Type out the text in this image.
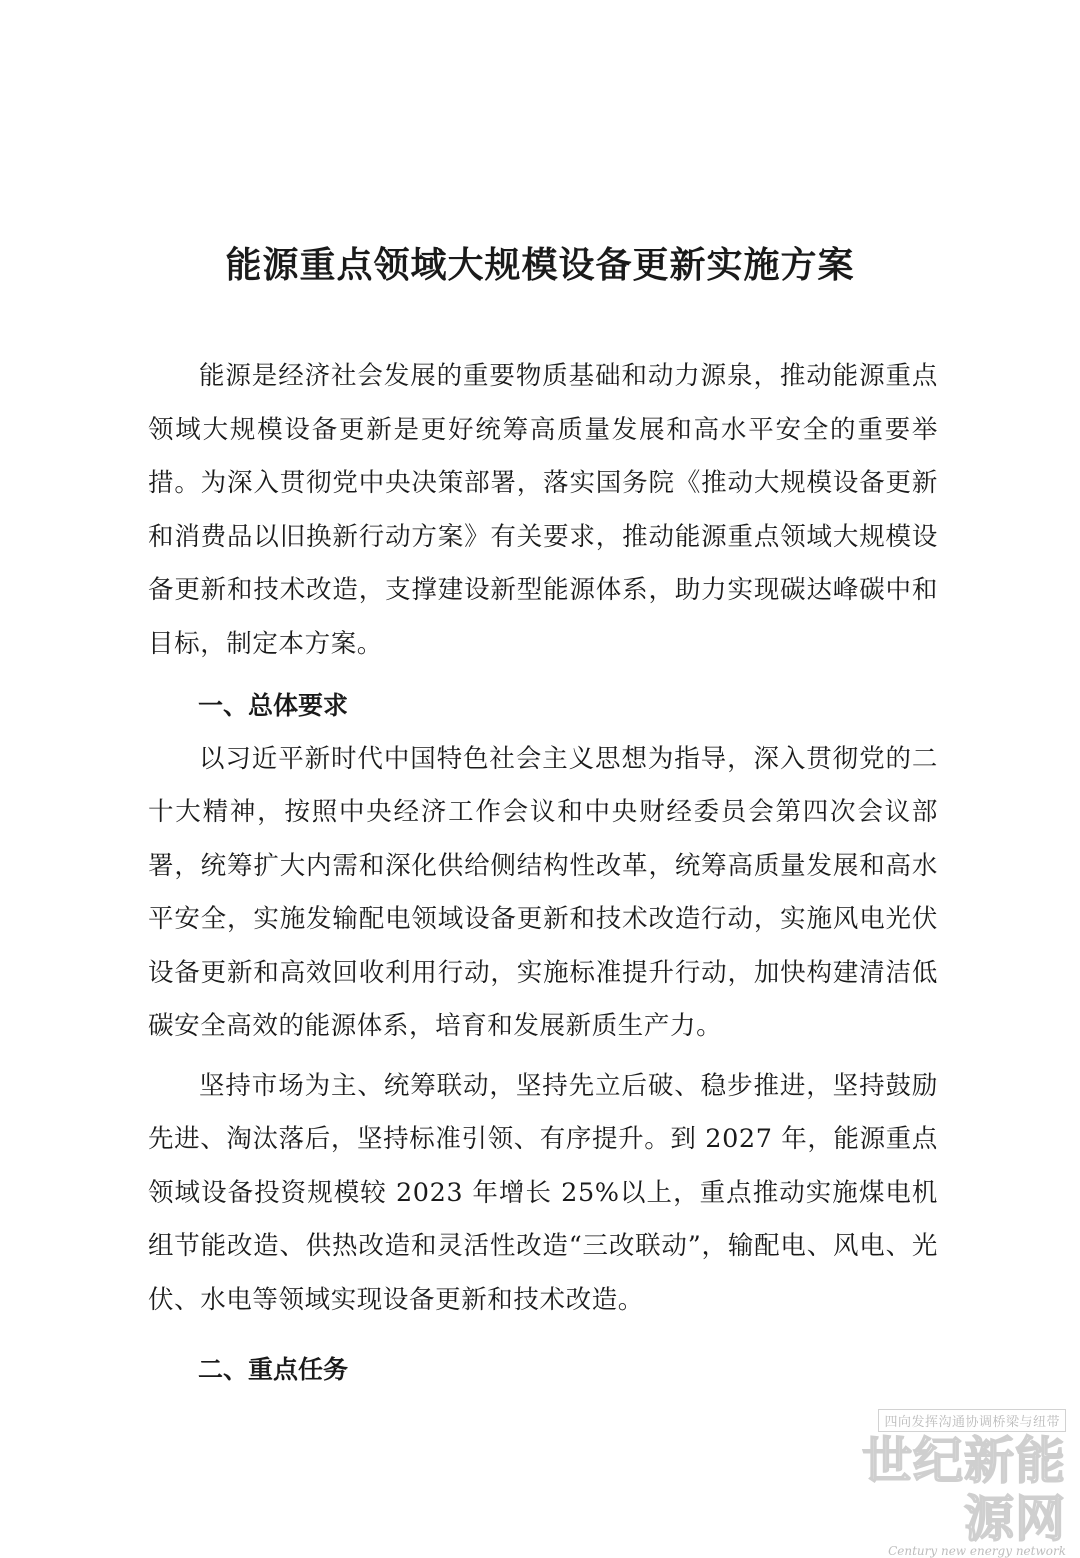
能源重点领域大规模设备更新实施方案

能源是经济社会发展的重要物质基础和动力源泉，推动能源重点领域大规模设备更新是更好统筹高质量发展和高水平安全的重要举措。为深入贯彻党中央决策部署，落实国务院《推动大规模设备更新和消费品以旧换新行动方案》有关要求，推动能源重点领域大规模设备更新和技术改造，支撑建设新型能源体系，助力实现碳达峰碳中和目标，制定本方案。

一、总体要求

以习近平新时代中国特色社会主义思想为指导，深入贯彻党的二十大精神，按照中央经济工作会议和中央财经委员会第四次会议部署，统筹扩大内需和深化供给侧结构性改革，统筹高质量发展和高水平安全，实施发输配电领域设备更新和技术改造行动，实施风电光伏设备更新和高效回收利用行动，实施标准提升行动，加快构建清洁低碳安全高效的能源体系，培育和发展新质生产力。

坚持市场为主、统筹联动，坚持先立后破、稳步推进，坚持鼓励先进、淘汰落后，坚持标准引领、有序提升。到 2027 年，能源重点领域设备投资规模较 2023 年增长 25%以上，重点推动实施煤电机组节能改造、供热改造和灵活性改造“三改联动”，输配电、风电、光伏、水电等领域实现设备更新和技术改造。

二、重点任务

四向发挥沟通协调桥梁与纽带
世纪新能源网
Century new energy network
